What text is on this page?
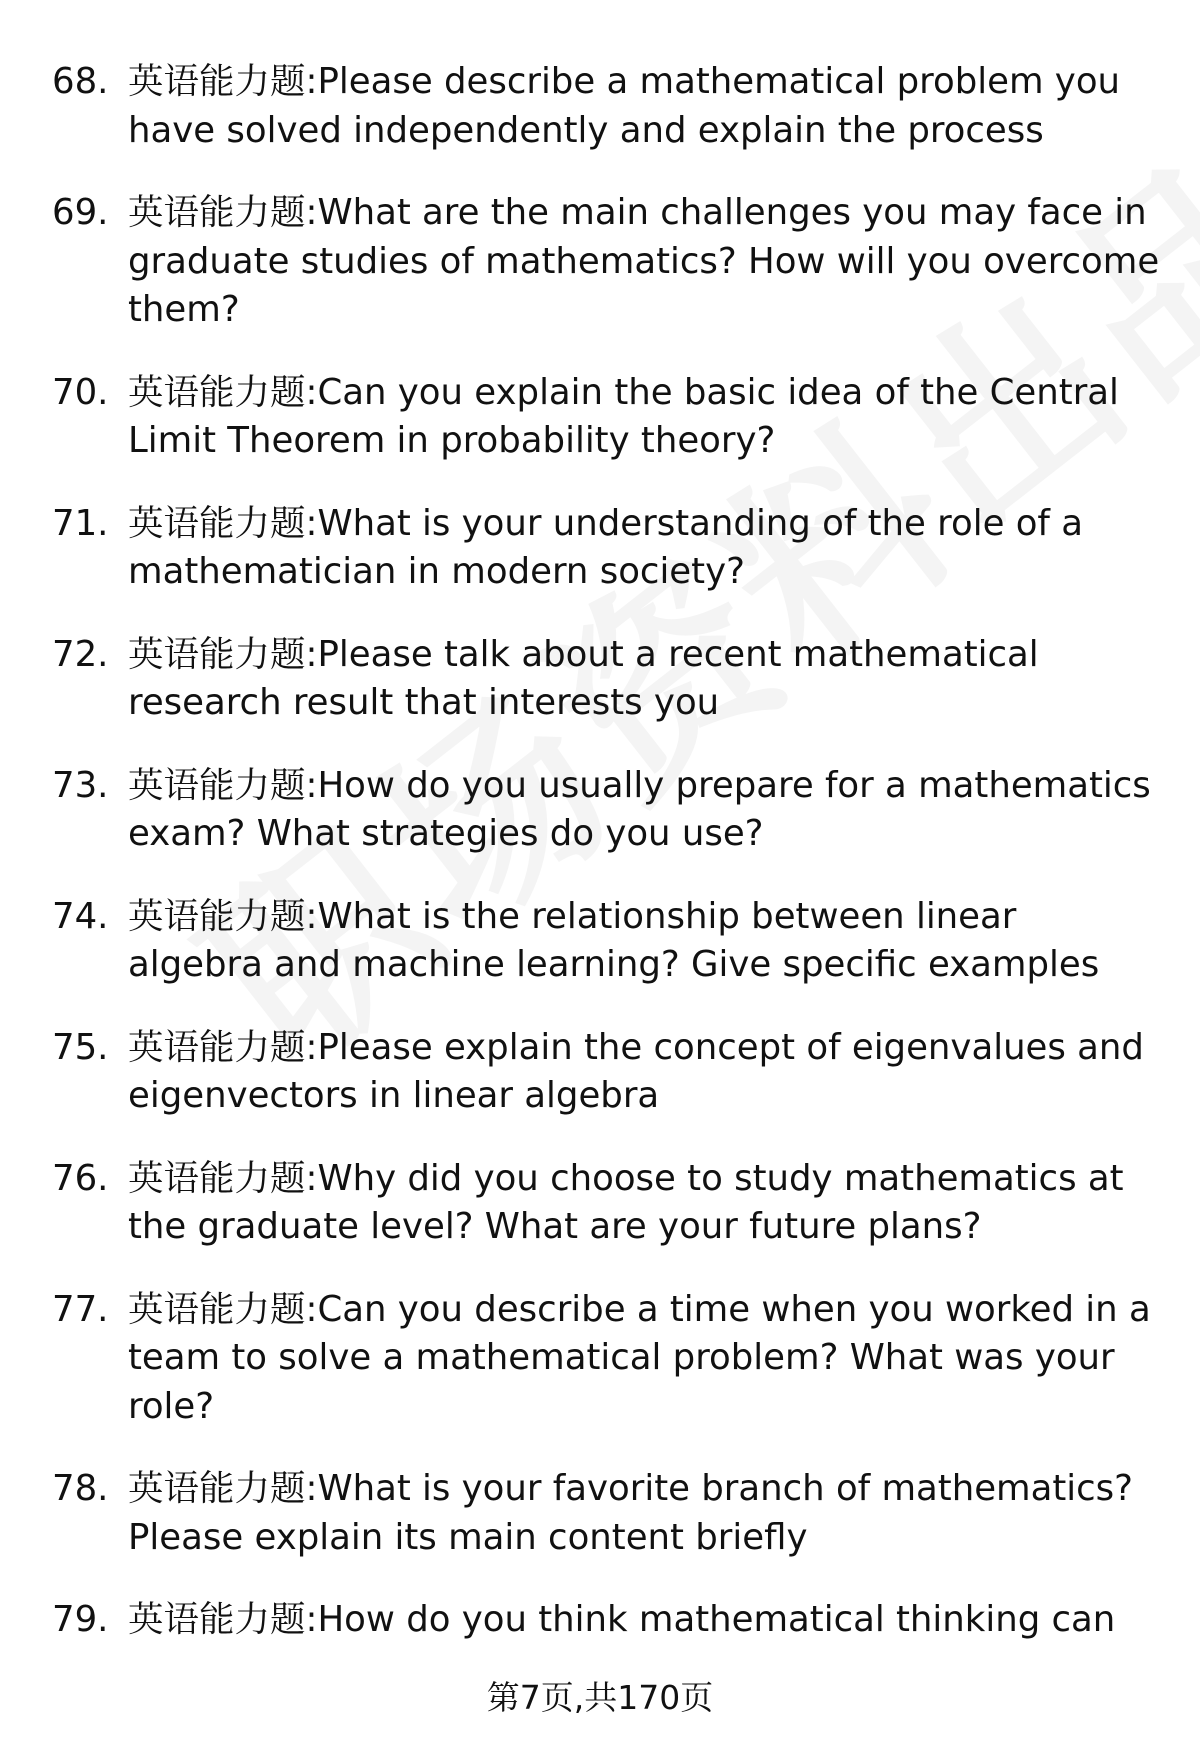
68. 英语能力题:Please describe a mathematical problem you have solved independently and explain the process
69. 英语能力题:What are the main challenges you may face in graduate studies of mathematics? How will you overcome them?
70. 英语能力题:Can you explain the basic idea of the Central Limit Theorem in probability theory?
71. 英语能力题:What is your understanding of the role of a mathematician in modern society?
72. 英语能力题:Please talk about a recent mathematical research result that interests you
73. 英语能力题:How do you usually prepare for a mathematics exam? What strategies do you use?
74. 英语能力题:What is the relationship between linear algebra and machine learning? Give specific examples
75. 英语能力题:Please explain the concept of eigenvalues and eigenvectors in linear algebra
76. 英语能力题:Why did you choose to study mathematics at the graduate level? What are your future plans?
77. 英语能力题:Can you describe a time when you worked in a team to solve a mathematical problem? What was your role?
78. 英语能力题:What is your favorite branch of mathematics? Please explain its main content briefly
79. 英语能力题:How do you think mathematical thinking can
第7页,共170页
